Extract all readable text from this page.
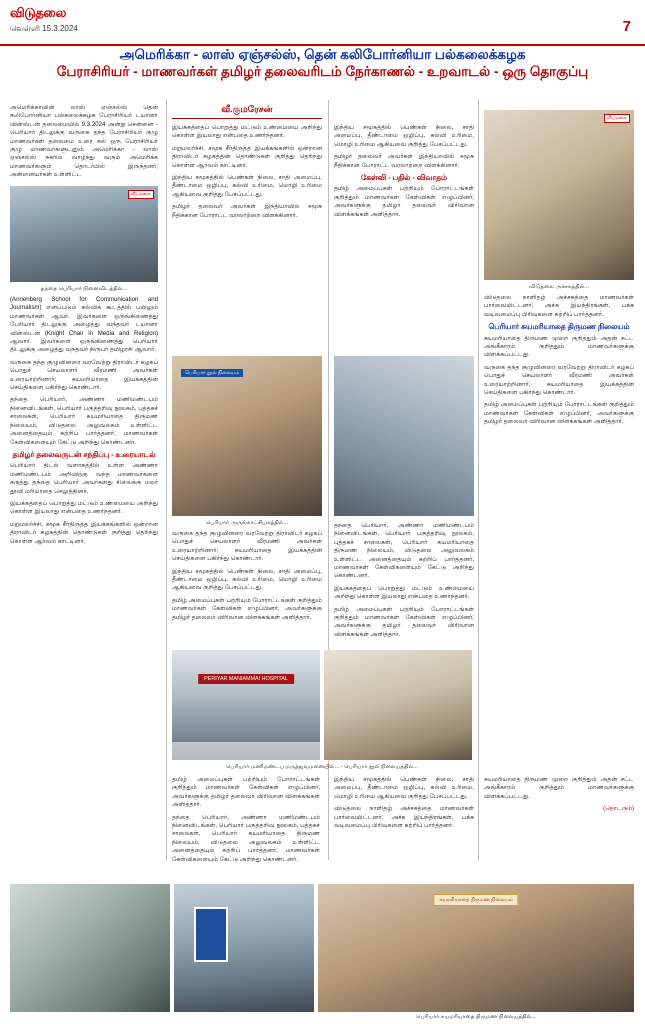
விடுதலை
வெள்ளி 15.3.2024	7
அமெரிக்கா - லாஸ் ஏஞ்சல்ஸ், தென் கலிபோர்னியா பல்கலைக்கழக
பேராசிரியர் - மாணவர்கள் தமிழர் தலைவரிடம் நேர்காணல் - உறவாடல் - ஒரு தொகுப்பு
வீ.குமரேசன்

அமெரிக்காவின் லாஸ் ஏஞ்சல்ஸ் தென் கலிபோர்னியா பல்கலைக்கழக பேராசிரியர் டயானா வின்ஸ்டன் தலைமையில் 9.3.2024 அன்று சென்னை - பெரியார் திடலுக்கு வருகை தந்த பேராசிரியர் குழு மாணவர்கள் தலைமை உரை கல் ஒரு பேராசிரியர் குழு மாணவர்களுடனும் அமெரிக்கா - லாஸ் ஏஞ்சல்ஸ் நகரில் வாழ்ந்து வரும் அமெரிக்க மாணவர்களும் தொடர்பில் இருந்தனர்; அன்னையர்கள் உள்ளிட்ட

விடுதலை
தந்தை பெரியார் நினைவிடத்தில்...

(Annenberg School for Communication and Journalism) எனப்படும் கல்விக் கூடத்தில் பயிலும் மாணவர்கள் ஆவர். இவர்களை ஒருங்கிணைத்து பேரியார் திடலுக்கு அழைத்து வந்தவர் டயானா வின்ஸ்டன் (Knight Chair in Media and Religion) ஆவார். இவர்களை ஒருங்கிணைத்து பெரியார் திடலுக்கு அழைத்து வந்தவர் நிருபர் தமிழரசி ஆவார்.

வருகை தந்த குழுவினரை வரவேற்று திராவிடர் கழகப் பொதுச் செயலாளர் வீரமணி அவர்கள் உரையாற்றினார்; சுயமரியாதை இயக்கத்தின் செய்திகளை பகிர்ந்து கொண்டார்.

தந்தை பெரியார், அண்ணா மணிமண்டபம் நினைவிடங்கள், பெரியார் பகுத்தறிவு நூலகம், புத்தகச் சாலைகள், பெரியார் சுயமரியாதை திருமண நிலையம், விடுதலை அலுவலகம் உள்ளிட்ட அனைத்தையும் சுற்றிப் பார்த்தனர்; மாணவர்கள் கேள்விகளையும் கேட்டு அறிந்து கொண்டனர்.

தமிழர் தலைவருடன் சந்திப்பு - உரையாடல்

பெரியார் திடல் வளாகத்தில் உள்ள அண்ணா மணிமண்டபம் அறிவிற்கு வந்த மாணவர்களை கருத்து தந்தை பெரியார் அவர்களது சிலைக்கு மலர் தூவி மரியாதை செலுத்தினர்.

இயக்கத்தைப் பொறுத்து மட்டும் உண்மையை அறிந்து கொள்ள இயலாது என்பதை உணர்ந்தனர்.

மறுமலர்ச்சி, சமூக சீர்திருத்த இயக்கங்களில் ஒன்றான திராவிடர் கழகத்தின் தொண்டுகள் குறித்து தெரிந்து கொள்ள ஆர்வம் காட்டினர்.

இயக்கத்தைப் பொறுத்து மட்டும் உண்மையை அறிந்து கொள்ள இயலாது என்பதை உணர்ந்தனர்.

மறுமலர்ச்சி, சமூக சீர்திருத்த இயக்கங்களில் ஒன்றான திராவிடர் கழகத்தின் தொண்டுகள் குறித்து தெரிந்து கொள்ள ஆர்வம் காட்டினர்.

இந்திய சமூகத்தில் பெண்கள் நிலை, சாதி அமைப்பு, தீண்டாமை ஒழிப்பு, கல்வி உரிமை, மொழி உரிமை ஆகியவை குறித்து பேசப்பட்டது.

தமிழர் தலைவர் அவர்கள் இந்தியாவில் சமூக நீதிக்கான போராட்ட வரலாற்றை விளக்கினார்.

பெரியார் நூல் நிலையம்
பெரியார் அருங்காட்சியகத்தில்...

வருகை தந்த குழுவினரை வரவேற்று திராவிடர் கழகப் பொதுச் செயலாளர் வீரமணி அவர்கள் உரையாற்றினார்; சுயமரியாதை இயக்கத்தின் செய்திகளை பகிர்ந்து கொண்டார்.

இந்திய சமூகத்தில் பெண்கள் நிலை, சாதி அமைப்பு, தீண்டாமை ஒழிப்பு, கல்வி உரிமை, மொழி உரிமை ஆகியவை குறித்து பேசப்பட்டது.

தமிழ் அமைப்புகள் பற்றியும் போராட்டங்கள் குறித்தும் மாணவர்கள் கேள்விகள் எழுப்பினர்; அவர்களுக்கு தமிழர் தலைவர் விரிவான விளக்கங்கள் அளித்தார்.

இந்திய சமூகத்தில் பெண்கள் நிலை, சாதி அமைப்பு, தீண்டாமை ஒழிப்பு, கல்வி உரிமை, மொழி உரிமை ஆகியவை குறித்து பேசப்பட்டது.

தமிழர் தலைவர் அவர்கள் இந்தியாவில் சமூக நீதிக்கான போராட்ட வரலாற்றை விளக்கினார்.

கேள்வி - பதில் - விவாதம்

தமிழ் அமைப்புகள் பற்றியும் போராட்டங்கள் குறித்தும் மாணவர்கள் கேள்விகள் எழுப்பினர்; அவர்களுக்கு தமிழர் தலைவர் விரிவான விளக்கங்கள் அளித்தார்.

தந்தை பெரியார், அண்ணா மணிமண்டபம் நினைவிடங்கள், பெரியார் பகுத்தறிவு நூலகம், புத்தகச் சாலைகள், பெரியார் சுயமரியாதை திருமண நிலையம், விடுதலை அலுவலகம் உள்ளிட்ட அனைத்தையும் சுற்றிப் பார்த்தனர்; மாணவர்கள் கேள்விகளையும் கேட்டு அறிந்து கொண்டனர்.

இயக்கத்தைப் பொறுத்து மட்டும் உண்மையை அறிந்து கொள்ள இயலாது என்பதை உணர்ந்தனர்.

தமிழ் அமைப்புகள் பற்றியும் போராட்டங்கள் குறித்தும் மாணவர்கள் கேள்விகள் எழுப்பினர்; அவர்களுக்கு தமிழர் தலைவர் விரிவான விளக்கங்கள் அளித்தார்.

விடுதலை
விடுதலை அச்சகத்தில்...

விடுதலை நாளிதழ் அச்சகத்தை மாணவர்கள் பார்வையிட்டனர்; அச்சு இயந்திரங்கள், பக்க வடிவமைப்பு பிரிவுகளை சுற்றிப் பார்த்தனர்.

பெரியார் சுயமரியாதை திருமண நிலையம்

சுயமரியாதை திருமண முறை குறித்தும் அதன் சட்ட அங்கீகாரம் குறித்தும் மாணவர்களுக்கு விளக்கப்பட்டது.

வருகை தந்த குழுவினரை வரவேற்று திராவிடர் கழகப் பொதுச் செயலாளர் வீரமணி அவர்கள் உரையாற்றினார்; சுயமரியாதை இயக்கத்தின் செய்திகளை பகிர்ந்து கொண்டார்.

தமிழ் அமைப்புகள் பற்றியும் போராட்டங்கள் குறித்தும் மாணவர்கள் கேள்விகள் எழுப்பினர்; அவர்களுக்கு தமிழர் தலைவர் விரிவான விளக்கங்கள் அளித்தார்.

PERIYAR MANIAMMAI HOSPITAL
பெரியார் மணிமண்டப மருத்துவமனையில்... - பெரியார் நூல் நிலையத்தில்...

தமிழ் அமைப்புகள் பற்றியும் போராட்டங்கள் குறித்தும் மாணவர்கள் கேள்விகள் எழுப்பினர்; அவர்களுக்கு தமிழர் தலைவர் விரிவான விளக்கங்கள் அளித்தார்.

தந்தை பெரியார், அண்ணா மணிமண்டபம் நினைவிடங்கள், பெரியார் பகுத்தறிவு நூலகம், புத்தகச் சாலைகள், பெரியார் சுயமரியாதை திருமண நிலையம், விடுதலை அலுவலகம் உள்ளிட்ட அனைத்தையும் சுற்றிப் பார்த்தனர்; மாணவர்கள் கேள்விகளையும் கேட்டு அறிந்து கொண்டனர்.

இந்திய சமூகத்தில் பெண்கள் நிலை, சாதி அமைப்பு, தீண்டாமை ஒழிப்பு, கல்வி உரிமை, மொழி உரிமை ஆகியவை குறித்து பேசப்பட்டது.

விடுதலை நாளிதழ் அச்சகத்தை மாணவர்கள் பார்வையிட்டனர்; அச்சு இயந்திரங்கள், பக்க வடிவமைப்பு பிரிவுகளை சுற்றிப் பார்த்தனர்.

சுயமரியாதை திருமண முறை குறித்தும் அதன் சட்ட அங்கீகாரம் குறித்தும் மாணவர்களுக்கு விளக்கப்பட்டது.

(தொடரும்)

சுயமரியாதை திருமண நிலையம்
பெரியார் சுயமரியாதை திருமண நிலையத்தில்...
